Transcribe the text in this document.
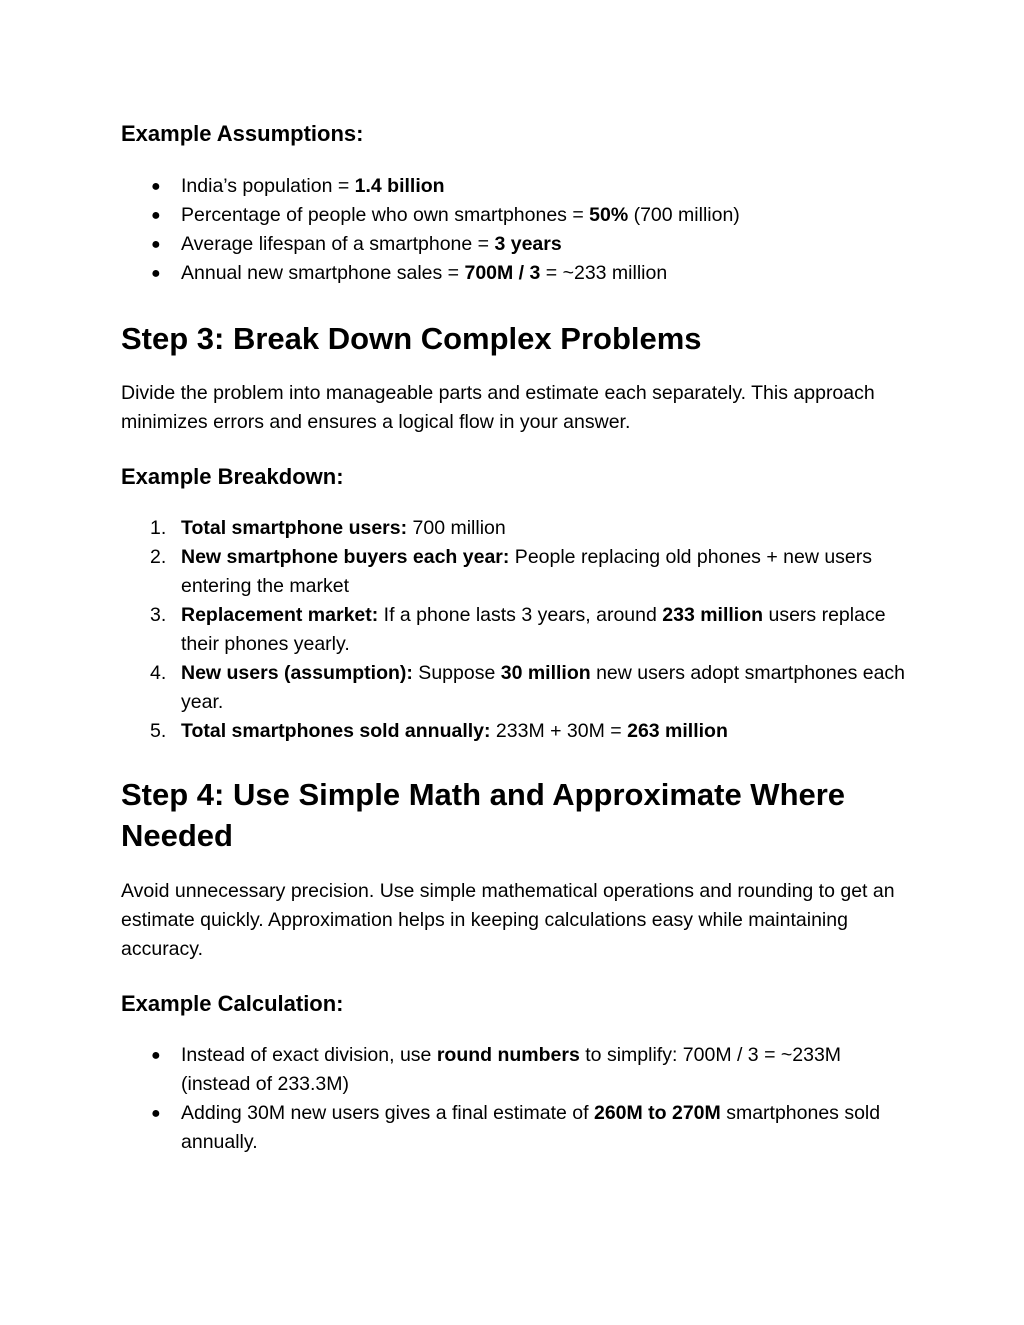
Example Assumptions:
● India’s population = 1.4 billion
● Percentage of people who own smartphones = 50% (700 million)
● Average lifespan of a smartphone = 3 years
● Annual new smartphone sales = 700M / 3 = ~233 million
Step 3: Break Down Complex Problems

Divide the problem into manageable parts and estimate each separately. This approach minimizes errors and ensures a logical flow in your answer.

Example Breakdown:
1. Total smartphone users: 700 million
2. New smartphone buyers each year: People replacing old phones + new users entering the market
3. Replacement market: If a phone lasts 3 years, around 233 million users replace their phones yearly.
4. New users (assumption): Suppose 30 million new users adopt smartphones each year.
5. Total smartphones sold annually: 233M + 30M = 263 million
Step 4: Use Simple Math and Approximate Where Needed

Avoid unnecessary precision. Use simple mathematical operations and rounding to get an estimate quickly. Approximation helps in keeping calculations easy while maintaining accuracy.

Example Calculation:
● Instead of exact division, use round numbers to simplify: 700M / 3 = ~233M (instead of 233.3M)
● Adding 30M new users gives a final estimate of 260M to 270M smartphones sold annually.
